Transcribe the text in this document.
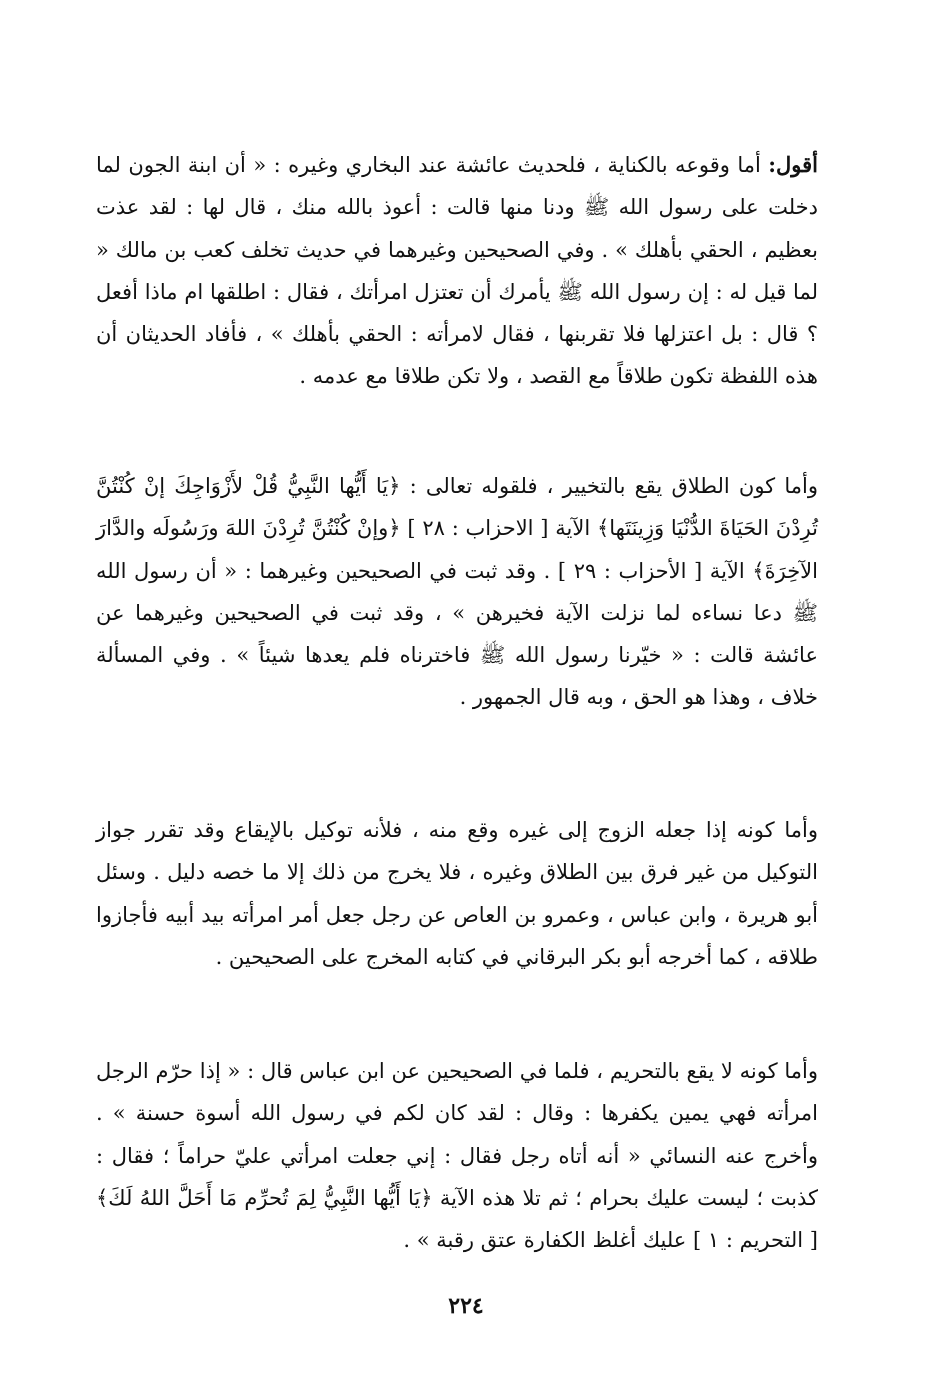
أقول: أما وقوعه بالكناية ، فلحديث عائشة عند البخاري وغيره : « أن ابنة الجون لما دخلت على رسول الله ﷺ ودنا منها قالت : أعوذ بالله منك ، قال لها : لقد عذت بعظيم ، الحقي بأهلك » . وفي الصحيحين وغيرهما في حديث تخلف كعب بن مالك « لما قيل له : إن رسول الله ﷺ يأمرك أن تعتزل امرأتك ، فقال : اطلقها ام ماذا أفعل ؟ قال : بل اعتزلها فلا تقربنها ، فقال لامرأته : الحقي بأهلك » ، فأفاد الحديثان أن هذه اللفظة تكون طلاقاً مع القصد ، ولا تكن طلاقا مع عدمه .
وأما كون الطلاق يقع بالتخيير ، فلقوله تعالى : ﴿يَا أَيُّها النَّبِيُّ قُلْ لأَزْوَاجِكَ إنْ كُنْتُنَّ تُرِدْنَ الحَيَاةَ الدُّنْيَا وَزِينَتَها﴾ الآية [ الاحزاب : ٢٨ ] ﴿وإنْ كُنْتُنَّ تُرِدْنَ اللهَ ورَسُولَه والدَّارَ الآخِرَةَ﴾ الآية [ الأحزاب : ٢٩ ] . وقد ثبت في الصحيحين وغيرهما : « أن رسول الله ﷺ دعا نساءه لما نزلت الآية فخيرهن » ، وقد ثبت في الصحيحين وغيرهما عن عائشة قالت : « خيّرنا رسول الله ﷺ فاخترناه فلم يعدها شيئاً » . وفي المسألة خلاف ، وهذا هو الحق ، وبه قال الجمهور .
وأما كونه إذا جعله الزوج إلى غيره وقع منه ، فلأنه توكيل بالإيقاع وقد تقرر جواز التوكيل من غير فرق بين الطلاق وغيره ، فلا يخرج من ذلك إلا ما خصه دليل . وسئل أبو هريرة ، وابن عباس ، وعمرو بن العاص عن رجل جعل أمر امرأته بيد أبيه فأجازوا طلاقه ، كما أخرجه أبو بكر البرقاني في كتابه المخرج على الصحيحين .
وأما كونه لا يقع بالتحريم ، فلما في الصحيحين عن ابن عباس قال : « إذا حرّم الرجل امرأته فهي يمين يكفرها : وقال : لقد كان لكم في رسول الله أسوة حسنة » . وأخرج عنه النسائي « أنه أتاه رجل فقال : إني جعلت امرأتي عليّ حراماً ؛ فقال : كذبت ؛ ليست عليك بحرام ؛ ثم تلا هذه الآية ﴿يَا أَيُّها النَّبِيُّ لِمَ تُحرِّم مَا أَحَلَّ اللهُ لَكَ﴾ [ التحريم : ١ ] عليك أغلظ الكفارة عتق رقبة » .
٢٢٤
